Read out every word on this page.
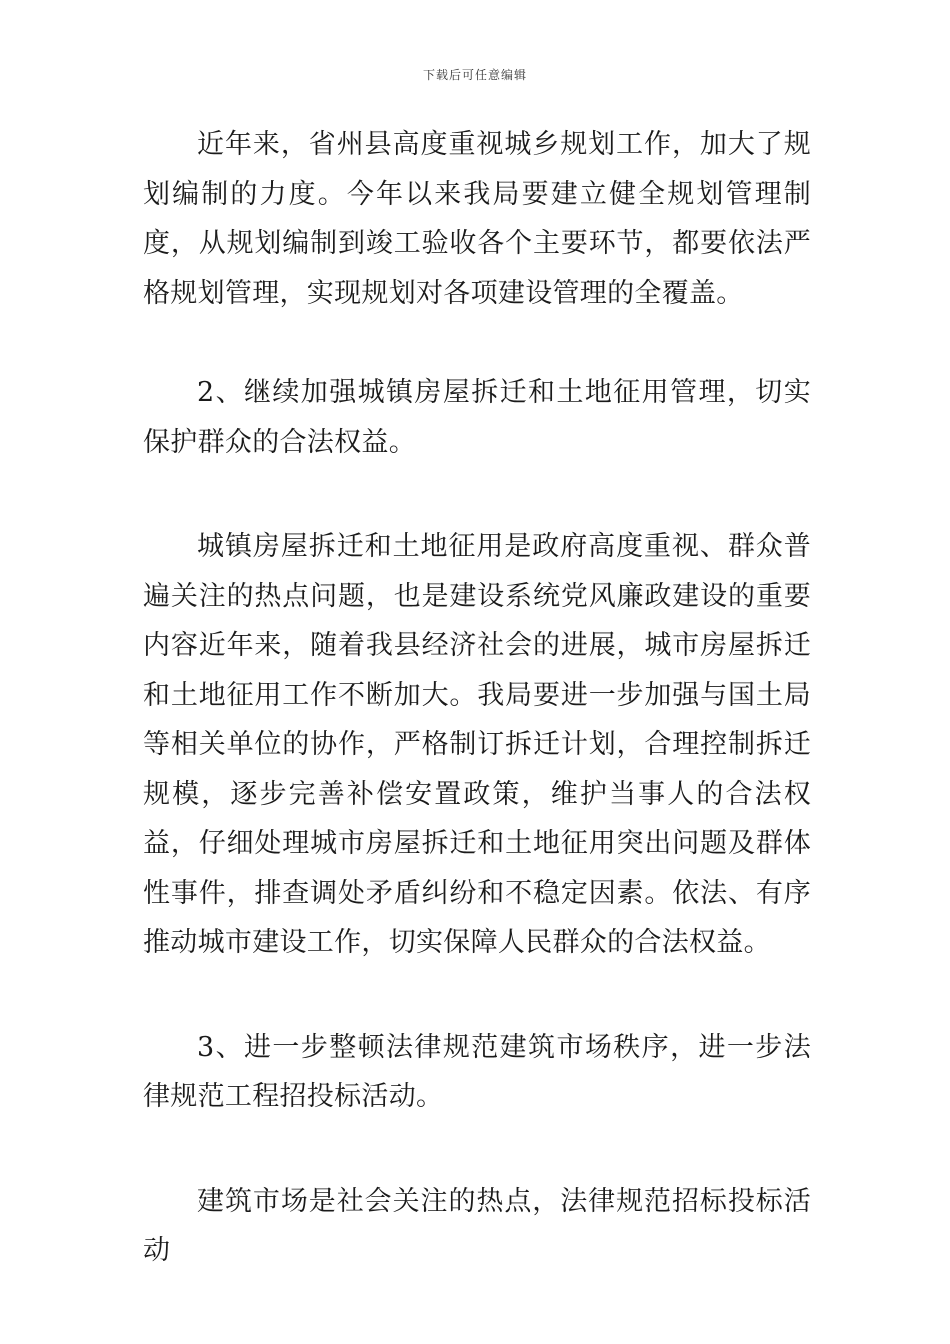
下载后可任意编辑

近年来，省州县高度重视城乡规划工作，加大了规划编制的力度。今年以来我局要建立健全规划管理制度，从规划编制到竣工验收各个主要环节，都要依法严格规划管理，实现规划对各项建设管理的全覆盖。

2、继续加强城镇房屋拆迁和土地征用管理，切实保护群众的合法权益。

城镇房屋拆迁和土地征用是政府高度重视、群众普遍关注的热点问题，也是建设系统党风廉政建设的重要内容近年来，随着我县经济社会的进展，城市房屋拆迁和土地征用工作不断加大。我局要进一步加强与国土局等相关单位的协作，严格制订拆迁计划，合理控制拆迁规模，逐步完善补偿安置政策，维护当事人的合法权益，仔细处理城市房屋拆迁和土地征用突出问题及群体性事件，排查调处矛盾纠纷和不稳定因素。依法、有序推动城市建设工作，切实保障人民群众的合法权益。

3、进一步整顿法律规范建筑市场秩序，进一步法律规范工程招投标活动。

建筑市场是社会关注的热点，法律规范招标投标活动
